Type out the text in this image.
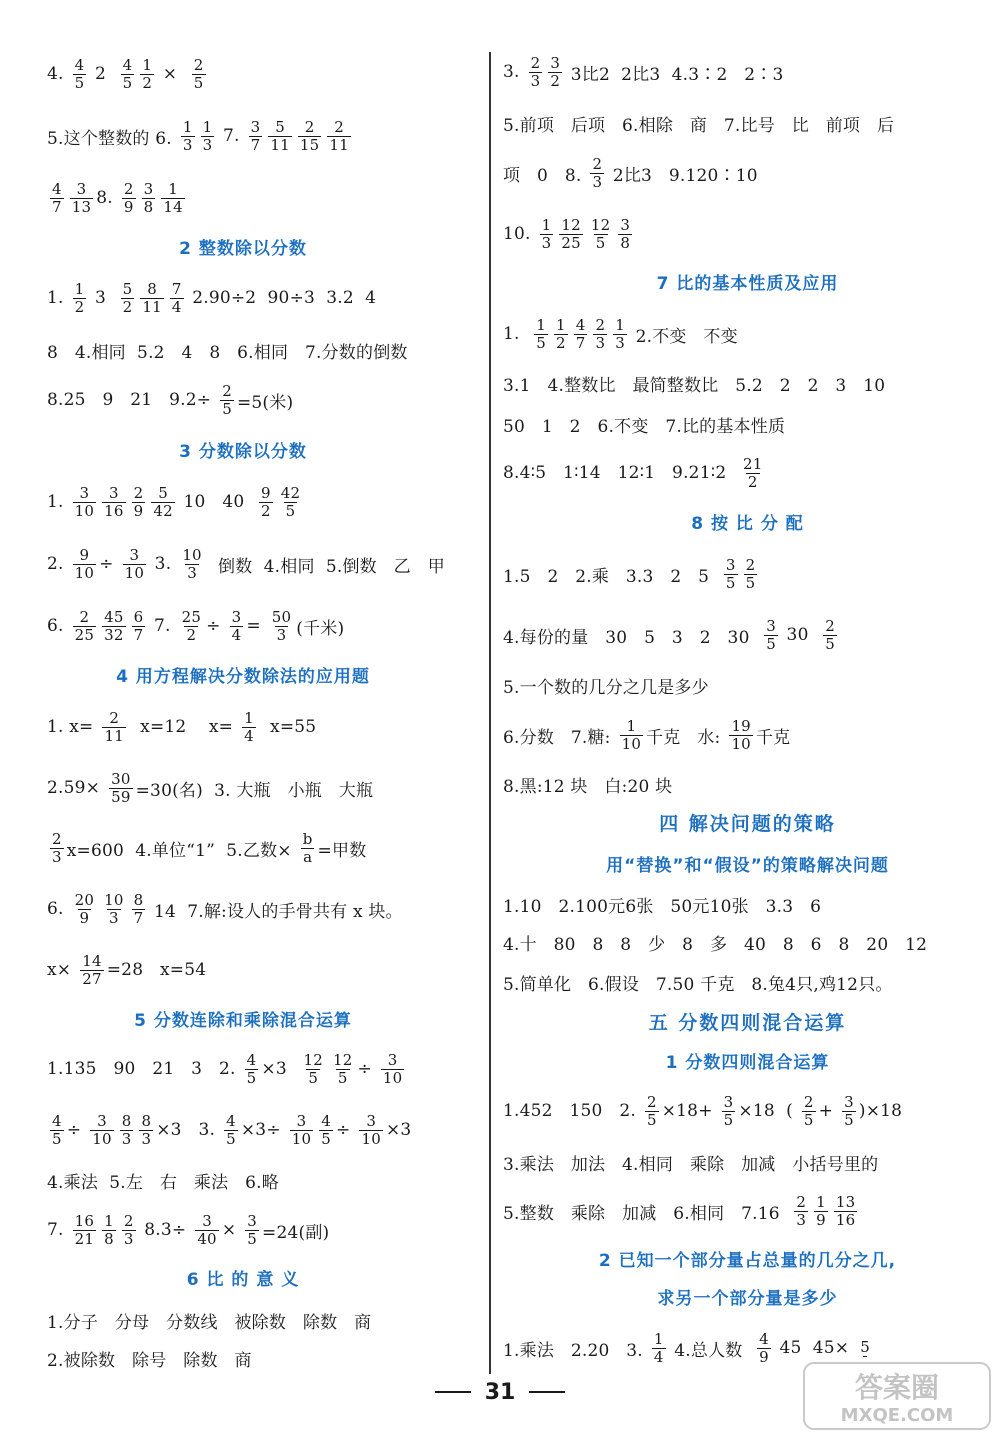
4. $\frac{4}{5} 2 \frac{4}{5} \frac{1}{2} \times \frac{2}{5}$
5.这个整数的 6. $\frac{1}{3} \frac{1}{3} 7$. $\frac{3}{7} \frac{5}{11} \frac{2}{15} \frac{2}{11}$
$\frac{4}{7} \frac{3}{13} 8$. $\frac{2}{9} \frac{3}{8} \frac{1}{14}$
2 整数除以分数
1. $\frac{1}{2} 3 \frac{5}{2} \frac{8}{11} \frac{7}{4} 2.90\div 2$  90÷3  3.2  4
8   4.相同  5.2   4   8   6.相同   7.分数的倒数
8.25   9   21   $9.2\div \frac{2}{5} =5$(米)
3 分数除以分数
1. $\frac{3}{10} \frac{3}{16} \frac{2}{9} \frac{5}{42} 10$   $40 \frac{9}{2} \frac{42}{5}$
2. $\frac{9}{10} \div \frac{3}{10} 3$. $\frac{10}{3}$ 倒数  4.相同  5.倒数   乙   甲
6. $\frac{2}{25} \frac{45}{32} \frac{6}{7} 7$. $\frac{25}{2} \div \frac{3}{4} = \frac{50}{3}$ (千米)
4 用方程解决分数除法的应用题
1. $x= \frac{2}{11} x=12$    $x= \frac{1}{4} x=55$
$2.59\times \frac{30}{59} =30$(名)  3. 大瓶   小瓶   大瓶
$\frac{2}{3} x=600$  4.单位“1”  5.乙数× $\frac{b}{a}$ =甲数
6. $\frac{20}{9} \frac{10}{3} \frac{8}{7} 14$  7.解:设人的手骨共有 x 块。
$x\times \frac{14}{27} =28$   x=54
5 分数连除和乘除混合运算
1.135   90   21   3   2. $\frac{4}{5} \times 3 \frac{12}{5} \frac{12}{5} \div \frac{3}{10}$
$\frac{4}{5} \div \frac{3}{10} \frac{8}{3} \frac{8}{3} \times 3$   3. $\frac{4}{5} \times 3\div \frac{3}{10} \frac{4}{5} \div \frac{3}{10} \times 3$
4.乘法  5.左   右   乘法   6.略
7. $\frac{16}{21} \frac{1}{8} \frac{2}{3} 8.3\div \frac{3}{40} \times \frac{3}{5} =24$(副)
6 比 的 意 义
1.分子   分母   分数线   被除数   除数   商
2.被除数   除号   除数   商
3. $\frac{2}{3} \frac{3}{2} 3$比2  2比3  4.3∶2   2∶3
5.前项   后项   6.相除   商   7.比号   比   前项   后
项   0   8. $\frac{2}{3} 2$比3   9.120∶10
10. $\frac{1}{3} \frac{12}{25} \frac{12}{5} \frac{3}{8}$
7 比的基本性质及应用
1. $\frac{1}{5} \frac{1}{2} \frac{4}{7} \frac{2}{3} \frac{1}{3} 2$.不变   不变
3.1   4.整数比   最简整数比   5.2   2   2   3   10
50   1   2   6.不变   7.比的基本性质
8.4∶5   1∶14   12∶1   9.21∶2 $\frac{21}{2}$
8 按 比 分 配
1.5   2   2.乘   3.3   2   $5 \frac{3}{5} \frac{2}{5}$
4.每份的量   30   5   3   2   $30 \frac{3}{5} 30 \frac{2}{5}$
5.一个数的几分之几是多少
6.分数   7.糖: $\frac{1}{10}$ 千克   水: $\frac{19}{10}$ 千克
8.黑:12 块   白:20 块
四 解决问题的策略
用“替换”和“假设”的策略解决问题
1.10   2.100元6张   50元10张   3.3   6
4.十   80   8   8   少   8   多   40   8   6   8   20   12
5.简单化   6.假设   7.50 千克   8.兔4只,鸡12只。
五 分数四则混合运算
1 分数四则混合运算
1.452   150   2. $\frac{2}{5} \times 18+ \frac{3}{5} \times 18$  ( $\frac{2}{5} + \frac{3}{5} )\times 18$
3.乘法   加法   4.相同   乘除   加减   小括号里的
5.整数   乘除   加减   6.相同   $7.16 \frac{2}{3} \frac{1}{9} \frac{13}{16}$
2 已知一个部分量占总量的几分之几,
求另一个部分量是多少
1.乘法   2.20   3. $\frac{1}{4} 4$.总人数 $\frac{4}{9} 45$  45× 5
31	答案圈
MXQE.COM
